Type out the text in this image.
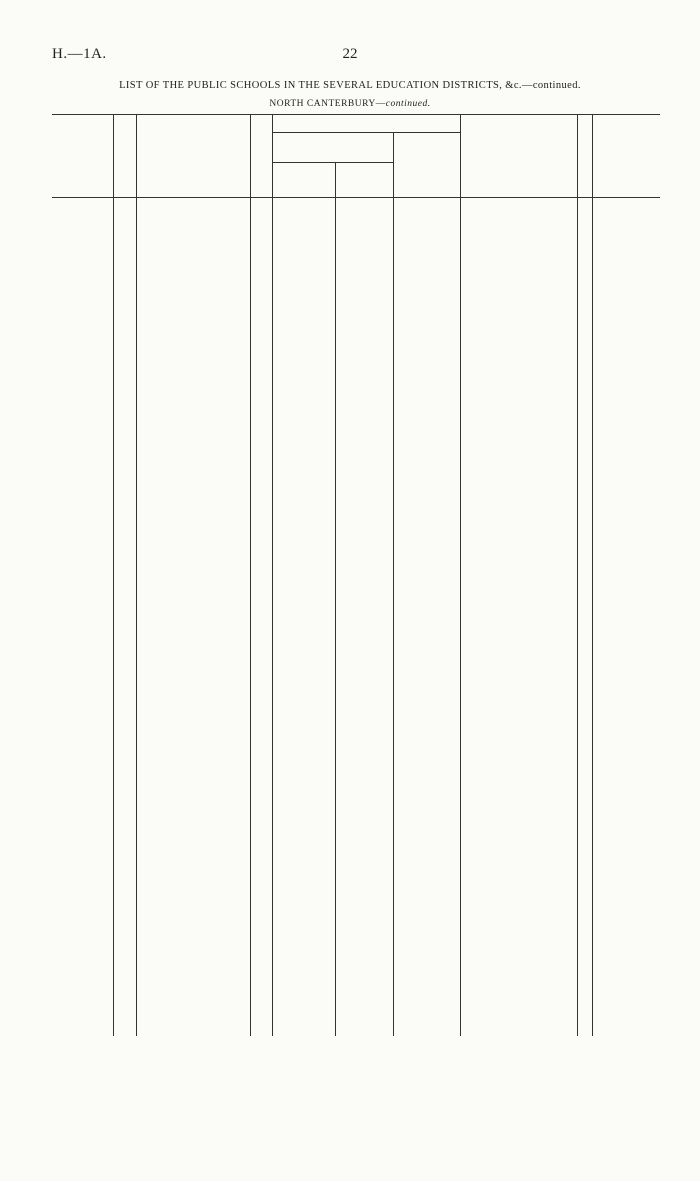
H.—1A.	22
LIST OF THE PUBLIC SCHOOLS IN THE SEVERAL EDUCATION DISTRICTS, &c.—continued.
NORTH CANTERBURY—continued.
